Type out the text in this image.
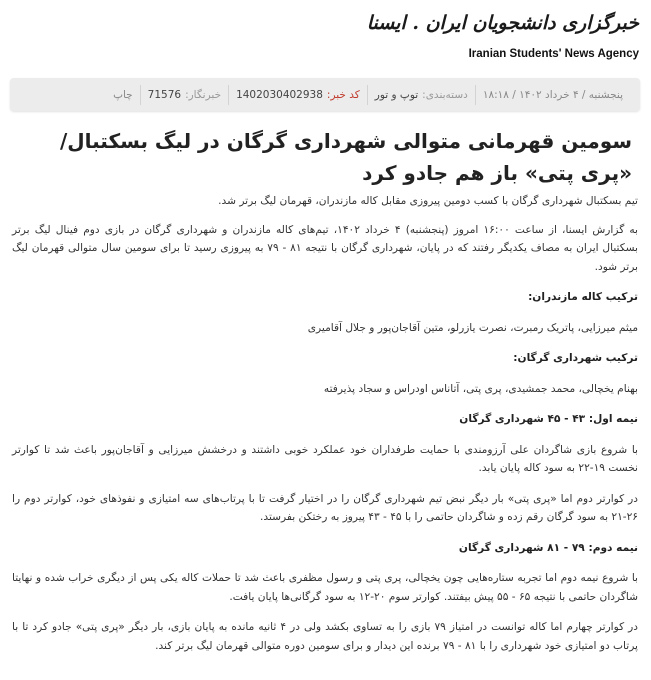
خبرگزاری دانشجویان ایران . ایسنا
Iranian Students' News Agency
پنجشنبه / ۴ خرداد ۱۴۰۲ / ۱۸:۱۸
دسته‌بندی:
توپ و تور
کد خبر:
1402030402938
خبرنگار:
71576
چاپ
سومین قهرمانی متوالی شهرداری گرگان در لیگ بسکتبال/ «پری پتی» باز هم جادو کرد

تیم بسکتبال شهرداری گرگان با کسب دومین پیروزی مقابل کاله مازندران، قهرمان لیگ برتر شد.

به گزارش ایسنا، از ساعت ۱۶:۰۰ امروز (پنجشنبه) ۴ خرداد ۱۴۰۲، تیم‌های کاله مازندران و شهرداری گرگان در بازی دوم فینال لیگ برتر بسکتبال ایران به مصاف یکدیگر رفتند که در پایان، شهرداری گرگان با نتیجه ۸۱ - ۷۹ به پیروزی رسید تا برای سومین سال متوالی قهرمان لیگ برتر شود.

ترکیب کاله مازندران:

میثم میرزایی، پاتریک رمبرت، نصرت یازرلو، متین آقاجان‌پور و جلال آقامیری

ترکیب شهرداری گرگان:

بهنام یخچالی، محمد جمشیدی، پری پتی، آتاناس اودراس و سجاد پذیرفته

نیمه اول: ۴۳ - ۴۵ شهرداری گرگان

با شروع بازی شاگردان علی آرزومندی با حمایت طرفداران خود عملکرد خوبی داشتند و درخشش میرزایی و آقاجان‌پور باعث شد تا کوارتر نخست ۱۹-۲۲ به سود کاله پایان یابد.

در کوارتر دوم اما «پری پتی» بار دیگر نبض تیم شهرداری گرگان را در اختیار گرفت تا با پرتاب‌های سه امتیازی و نفوذهای خود، کوارتر دوم را ۲۶-۲۱ به سود گرگان رقم زده و شاگردان حاتمی را با ۴۵ - ۴۳ پیروز به رختکن بفرستد.

نیمه دوم: ۷۹ - ۸۱ شهرداری گرگان

با شروع نیمه دوم اما تجربه ستاره‌هایی چون یخچالی، پری پتی و رسول مظفری باعث شد تا حملات کاله یکی پس از دیگری خراب شده و نهایتا شاگردان حاتمی با نتیجه ۶۵ - ۵۵ پیش بیفتند. کوارتر سوم ۲۰-۱۲ به سود گرگانی‌ها پایان یافت.

در کوارتر چهارم اما کاله توانست در امتیاز ۷۹ بازی را به تساوی بکشد ولی در ۴ ثانیه مانده به پایان بازی، بار دیگر «پری پتی» جادو کرد تا با پرتاب دو امتیازی خود شهرداری را با ۸۱ - ۷۹ برنده این دیدار و برای سومین دوره متوالی قهرمان لیگ برتر کند.
